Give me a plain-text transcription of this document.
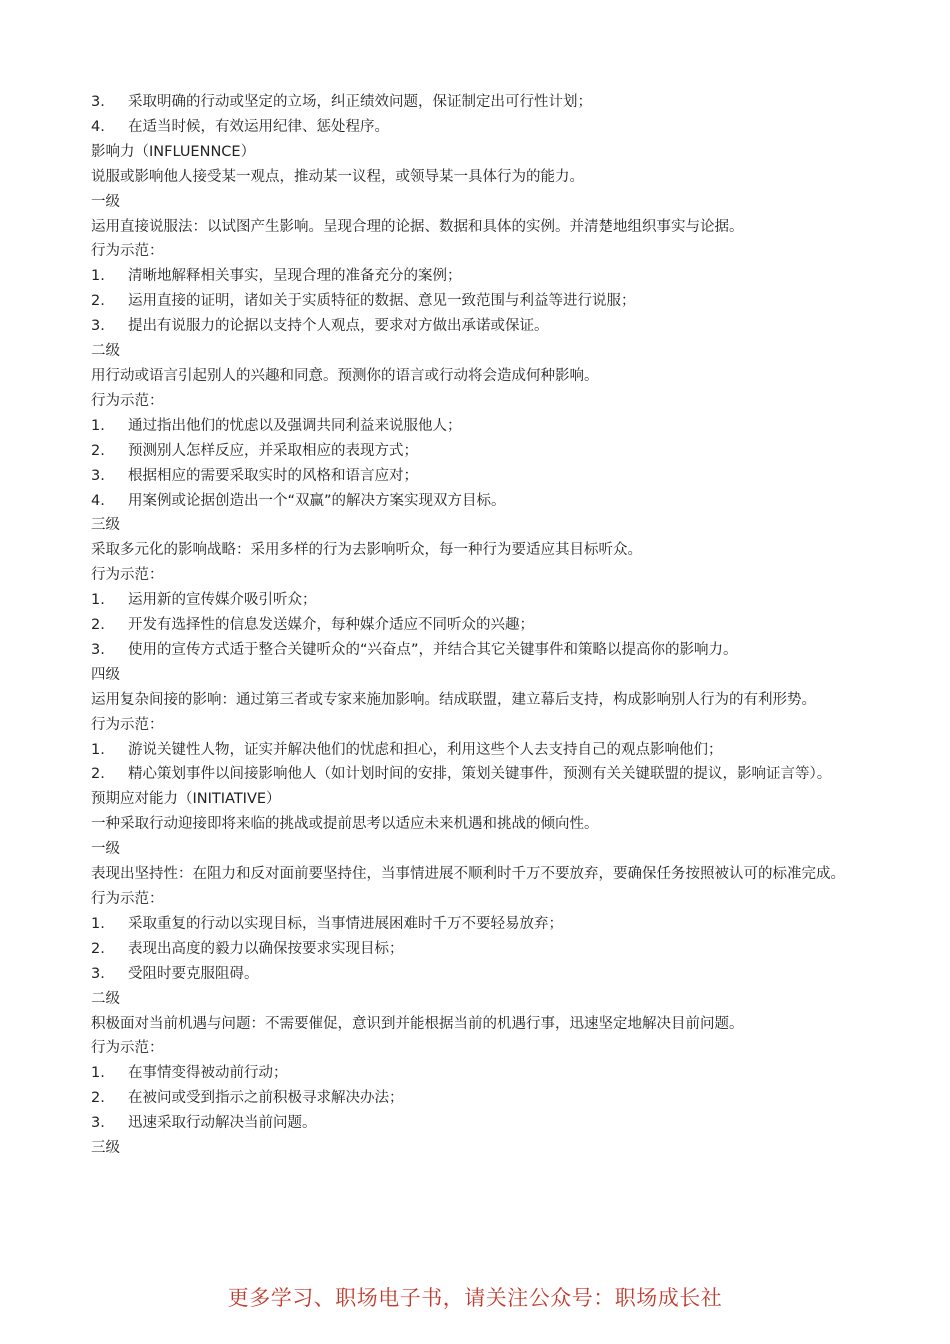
3.	采取明确的行动或坚定的立场，纠正绩效问题，保证制定出可行性计划；
4.	在适当时候，有效运用纪律、惩处程序。

影响力（INFLUENNCE）

说服或影响他人接受某一观点，推动某一议程，或领导某一具体行为的能力。

一级

运用直接说服法：以试图产生影响。呈现合理的论据、数据和具体的实例。并清楚地组织事实与论据。

行为示范：

1.	清晰地解释相关事实，呈现合理的准备充分的案例；
2.	运用直接的证明，诸如关于实质特征的数据、意见一致范围与利益等进行说服；
3.	提出有说服力的论据以支持个人观点，要求对方做出承诺或保证。

二级

用行动或语言引起别人的兴趣和同意。预测你的语言或行动将会造成何种影响。

行为示范：

1.	通过指出他们的忧虑以及强调共同利益来说服他人；
2.	预测别人怎样反应，并采取相应的表现方式；
3.	根据相应的需要采取实时的风格和语言应对；
4.	用案例或论据创造出一个“双赢”的解决方案实现双方目标。

三级

采取多元化的影响战略：采用多样的行为去影响听众，每一种行为要适应其目标听众。

行为示范：

1.	运用新的宣传媒介吸引听众；
2.	开发有选择性的信息发送媒介，每种媒介适应不同听众的兴趣；
3.	使用的宣传方式适于整合关键听众的“兴奋点”，并结合其它关键事件和策略以提高你的影响力。

四级

运用复杂间接的影响：通过第三者或专家来施加影响。结成联盟，建立幕后支持，构成影响别人行为的有利形势。

行为示范：

1.	游说关键性人物，证实并解决他们的忧虑和担心，利用这些个人去支持自己的观点影响他们；

2. 精心策划事件以间接影响他人（如计划时间的安排，策划关键事件，预测有关关键联盟的提议，影响证言等）。

预期应对能力（INITIATIVE）

一种采取行动迎接即将来临的挑战或提前思考以适应未来机遇和挑战的倾向性。

一级

表现出坚持性：在阻力和反对面前要坚持住，当事情进展不顺利时千万不要放弃，要确保任务按照被认可的标准完成。

行为示范：

1.	采取重复的行动以实现目标，当事情进展困难时千万不要轻易放弃；
2.	表现出高度的毅力以确保按要求实现目标；
3.	受阻时要克服阻碍。

二级

积极面对当前机遇与问题：不需要催促，意识到并能根据当前的机遇行事，迅速坚定地解决目前问题。

行为示范：

1.	在事情变得被动前行动；
2.	在被问或受到指示之前积极寻求解决办法；
3.	迅速采取行动解决当前问题。

三级

更多学习、职场电子书，请关注公众号：职场成长社
